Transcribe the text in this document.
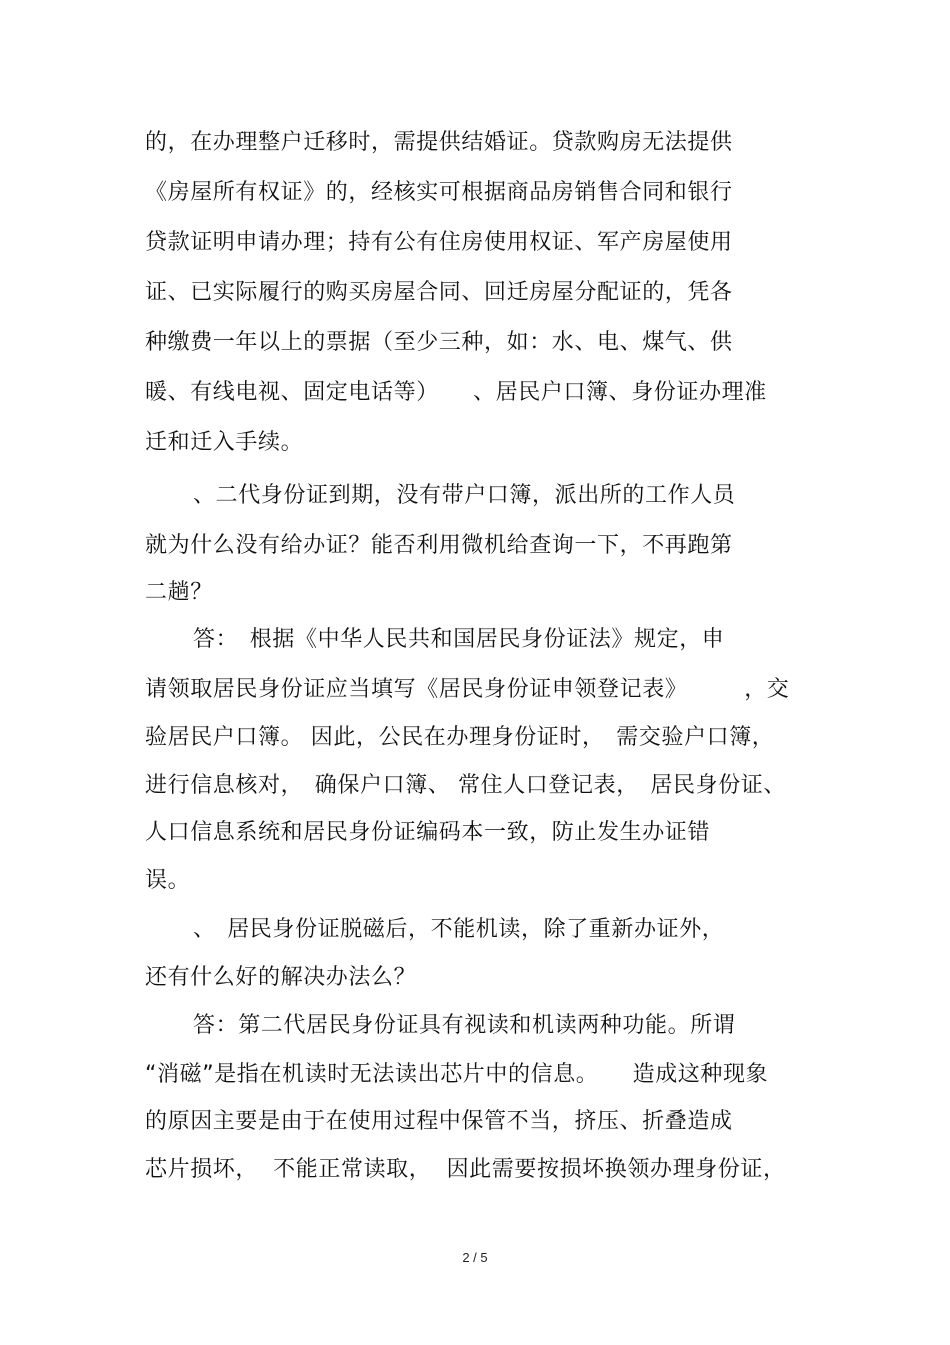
的，在办理整户迁移时，需提供结婚证。贷款购房无法提供
《房屋所有权证》的，经核实可根据商品房销售合同和银行
贷款证明申请办理；持有公有住房使用权证、军产房屋使用
证、已实际履行的购买房屋合同、回迁房屋分配证的，凭各
种缴费一年以上的票据（至少三种，如：水、电、煤气、供
暖、有线电视、固定电话等）　　、居民户口簿、身份证办理准
迁和迁入手续。
、二代身份证到期，没有带户口簿，派出所的工作人员
就为什么没有给办证？能否利用微机给查询一下，不再跑第
二趟？
答：　根据《中华人民共和国居民身份证法》规定，申
请领取居民身份证应当填写《居民身份证申领登记表》　　　，交
验居民户口簿。 因此，公民在办理身份证时，　需交验户口簿，
进行信息核对，　确保户口簿、 常住人口登记表，　居民身份证、
人口信息系统和居民身份证编码本一致，防止发生办证错
误。
、　居民身份证脱磁后，不能机读，除了重新办证外，
还有什么好的解决办法么？
答：第二代居民身份证具有视读和机读两种功能。所谓
“消磁”是指在机读时无法读出芯片中的信息。　　造成这种现象
的原因主要是由于在使用过程中保管不当，挤压、折叠造成
芯片损坏，  不能正常读取，  因此需要按损坏换领办理身份证，
2 / 5
